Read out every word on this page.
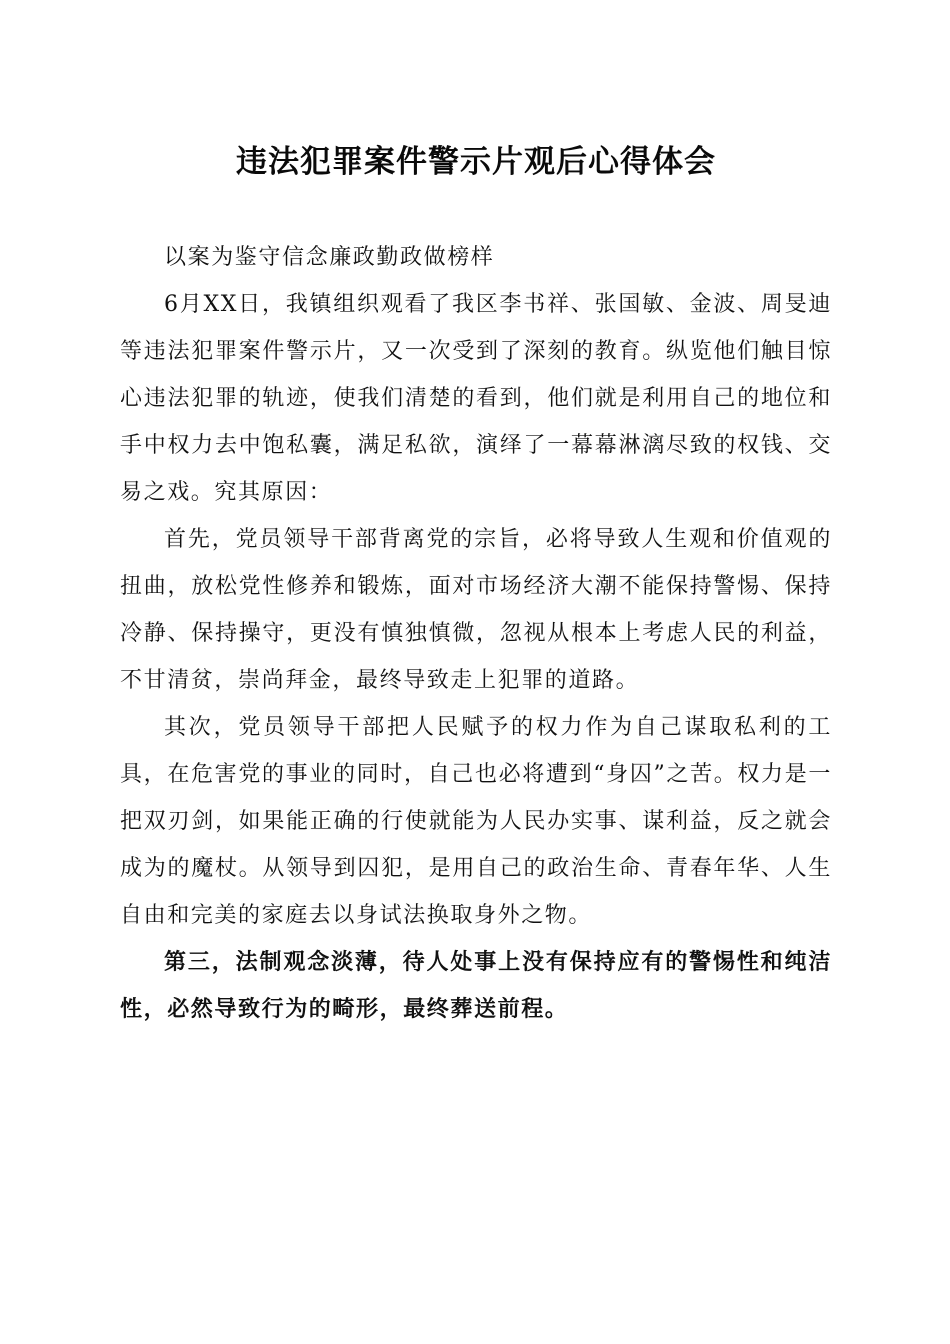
违法犯罪案件警示片观后心得体会

以案为鉴守信念廉政勤政做榜样

6月XX日，我镇组织观看了我区李书祥、张国敏、金波、周旻迪等违法犯罪案件警示片，又一次受到了深刻的教育。纵览他们触目惊心违法犯罪的轨迹，使我们清楚的看到，他们就是利用自己的地位和手中权力去中饱私囊，满足私欲，演绎了一幕幕淋漓尽致的权钱、交易之戏。究其原因：

首先，党员领导干部背离党的宗旨，必将导致人生观和价值观的扭曲，放松党性修养和锻炼，面对市场经济大潮不能保持警惕、保持冷静、保持操守，更没有慎独慎微，忽视从根本上考虑人民的利益，不甘清贫，崇尚拜金，最终导致走上犯罪的道路。

其次，党员领导干部把人民赋予的权力作为自己谋取私利的工具，在危害党的事业的同时，自己也必将遭到“身囚”之苦。权力是一把双刃剑，如果能正确的行使就能为人民办实事、谋利益，反之就会成为的魔杖。从领导到囚犯，是用自己的政治生命、青春年华、人生自由和完美的家庭去以身试法换取身外之物。

第三，法制观念淡薄，待人处事上没有保持应有的警惕性和纯洁性，必然导致行为的畸形，最终葬送前程。
